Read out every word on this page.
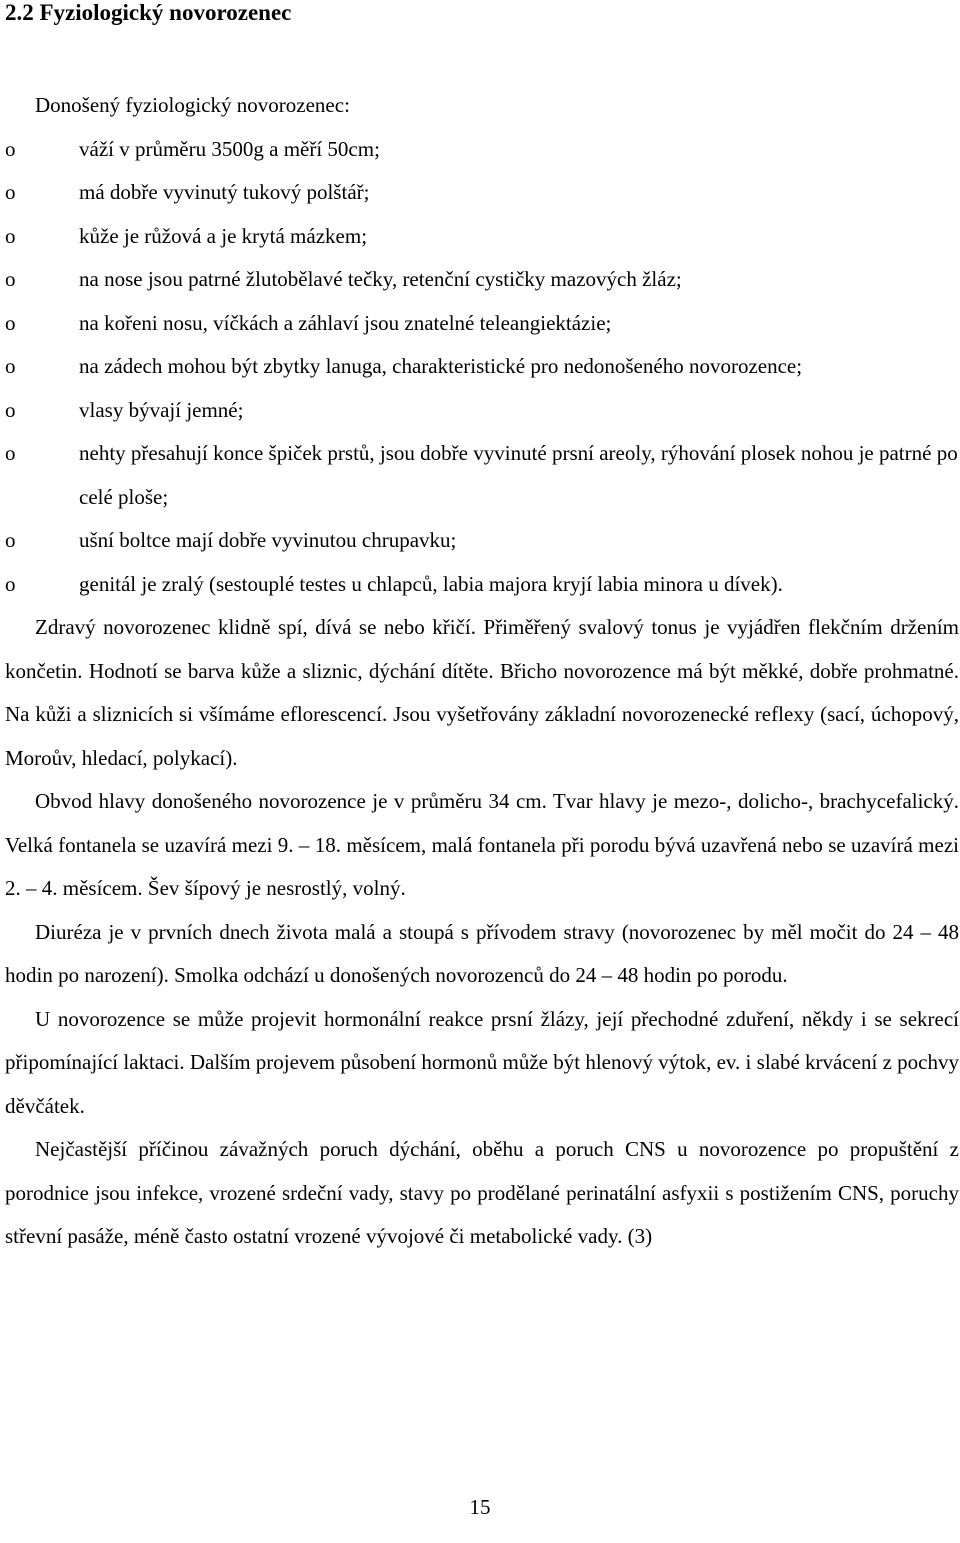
2.2 Fyziologický novorozenec
Donošený fyziologický novorozenec:
o	váží v průměru 3500g a měří 50cm;
o	má dobře vyvinutý tukový polštář;
o	kůže je růžová a je krytá mázkem;
o	na nose jsou patrné žlutobělavé tečky, retenční cystičky mazových žláz;
o	na kořeni nosu, víčkách a záhlaví jsou znatelné teleangiektázie;
o	na zádech mohou být zbytky lanuga, charakteristické pro nedonošeného novorozence;
o	vlasy bývají jemné;
o	nehty přesahují konce špiček prstů, jsou dobře vyvinuté prsní areoly, rýhování plosek nohou je patrné po celé ploše;
o	ušní boltce mají dobře vyvinutou chrupavku;
o	genitál je zralý (sestouplé testes u chlapců, labia majora kryjí labia minora u dívek).

Zdravý novorozenec klidně spí, dívá se nebo křičí. Přiměřený svalový tonus je vyjádřen flekčním držením končetin. Hodnotí se barva kůže a sliznic, dýchání dítěte. Břicho novorozence má být měkké, dobře prohmatné. Na kůži a sliznicích si všímáme eflorescencí. Jsou vyšetřovány základní novorozenecké reflexy (sací, úchopový, Moroův, hledací, polykací).

Obvod hlavy donošeného novorozence je v průměru 34 cm. Tvar hlavy je mezo-, dolicho-, brachycefalický. Velká fontanela se uzavírá mezi 9. – 18. měsícem, malá fontanela při porodu bývá uzavřená nebo se uzavírá mezi 2. – 4. měsícem. Šev šípový je nesrostlý, volný.

Diuréza je v prvních dnech života malá a stoupá s přívodem stravy (novorozenec by měl močit do 24 – 48 hodin po narození). Smolka odchází u donošených novorozenců do 24 – 48 hodin po porodu.

U novorozence se může projevit hormonální reakce prsní žlázy, její přechodné zduření, někdy i se sekrecí připomínající laktaci. Dalším projevem působení hormonů může být hlenový výtok, ev. i slabé krvácení z pochvy děvčátek.

Nejčastější příčinou závažných poruch dýchání, oběhu a poruch CNS u novorozence po propuštění z porodnice jsou infekce, vrozené srdeční vady, stavy po prodělané perinatální asfyxii s postižením CNS, poruchy střevní pasáže, méně často ostatní vrozené vývojové či metabolické vady. (3)

15
